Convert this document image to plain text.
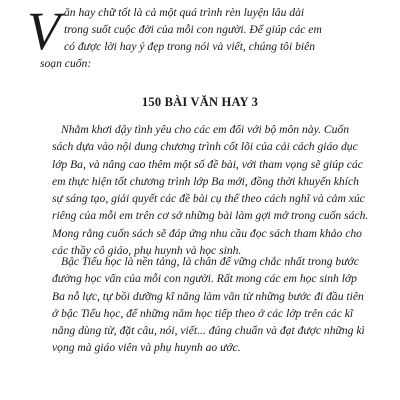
V ăn hay chữ tốt là cả một quá trình rèn luyện lâu dài

trong suốt cuộc đời của mỗi con người. Để giúp các em

có được lời hay ý đẹp trong nói và viết, chúng tôi biên

soạn cuốn:

150 BÀI VĂN HAY 3
Nhằm khơi dậy tình yêu cho các em đối với bộ môn này. Cuốn
sách dựa vào nội dung chương trình cốt lõi của cải cách giáo dục
lớp Ba, và nâng cao thêm một số đề bài, với tham vọng sẽ giúp các
em thực hiện tốt chương trình lớp Ba mới, đồng thời khuyến khích
sự sáng tạo, giải quyết các đề bài cụ thể theo cách nghĩ và cảm xúc
riêng của mỗi em trên cơ sở những bài làm gợi mở trong cuốn sách.
Mong rằng cuốn sách sẽ đáp ứng nhu cầu đọc sách tham khảo cho
các thầy cô giáo, phụ huynh và học sinh.
Bậc Tiểu học là nền tảng, là chân đế vững chắc nhất trong bước
đường học vấn của mỗi con người. Rất mong các em học sinh lớp
Ba nỗ lực, tự bồi dưỡng kĩ năng làm văn từ những bước đi đầu tiên
ở bậc Tiểu học, để những năm học tiếp theo ở các lớp trên các kĩ
năng dùng từ, đặt câu, nói, viết... đúng chuẩn và đạt được những kì
vọng mà giáo viên và phụ huynh ao ước.
